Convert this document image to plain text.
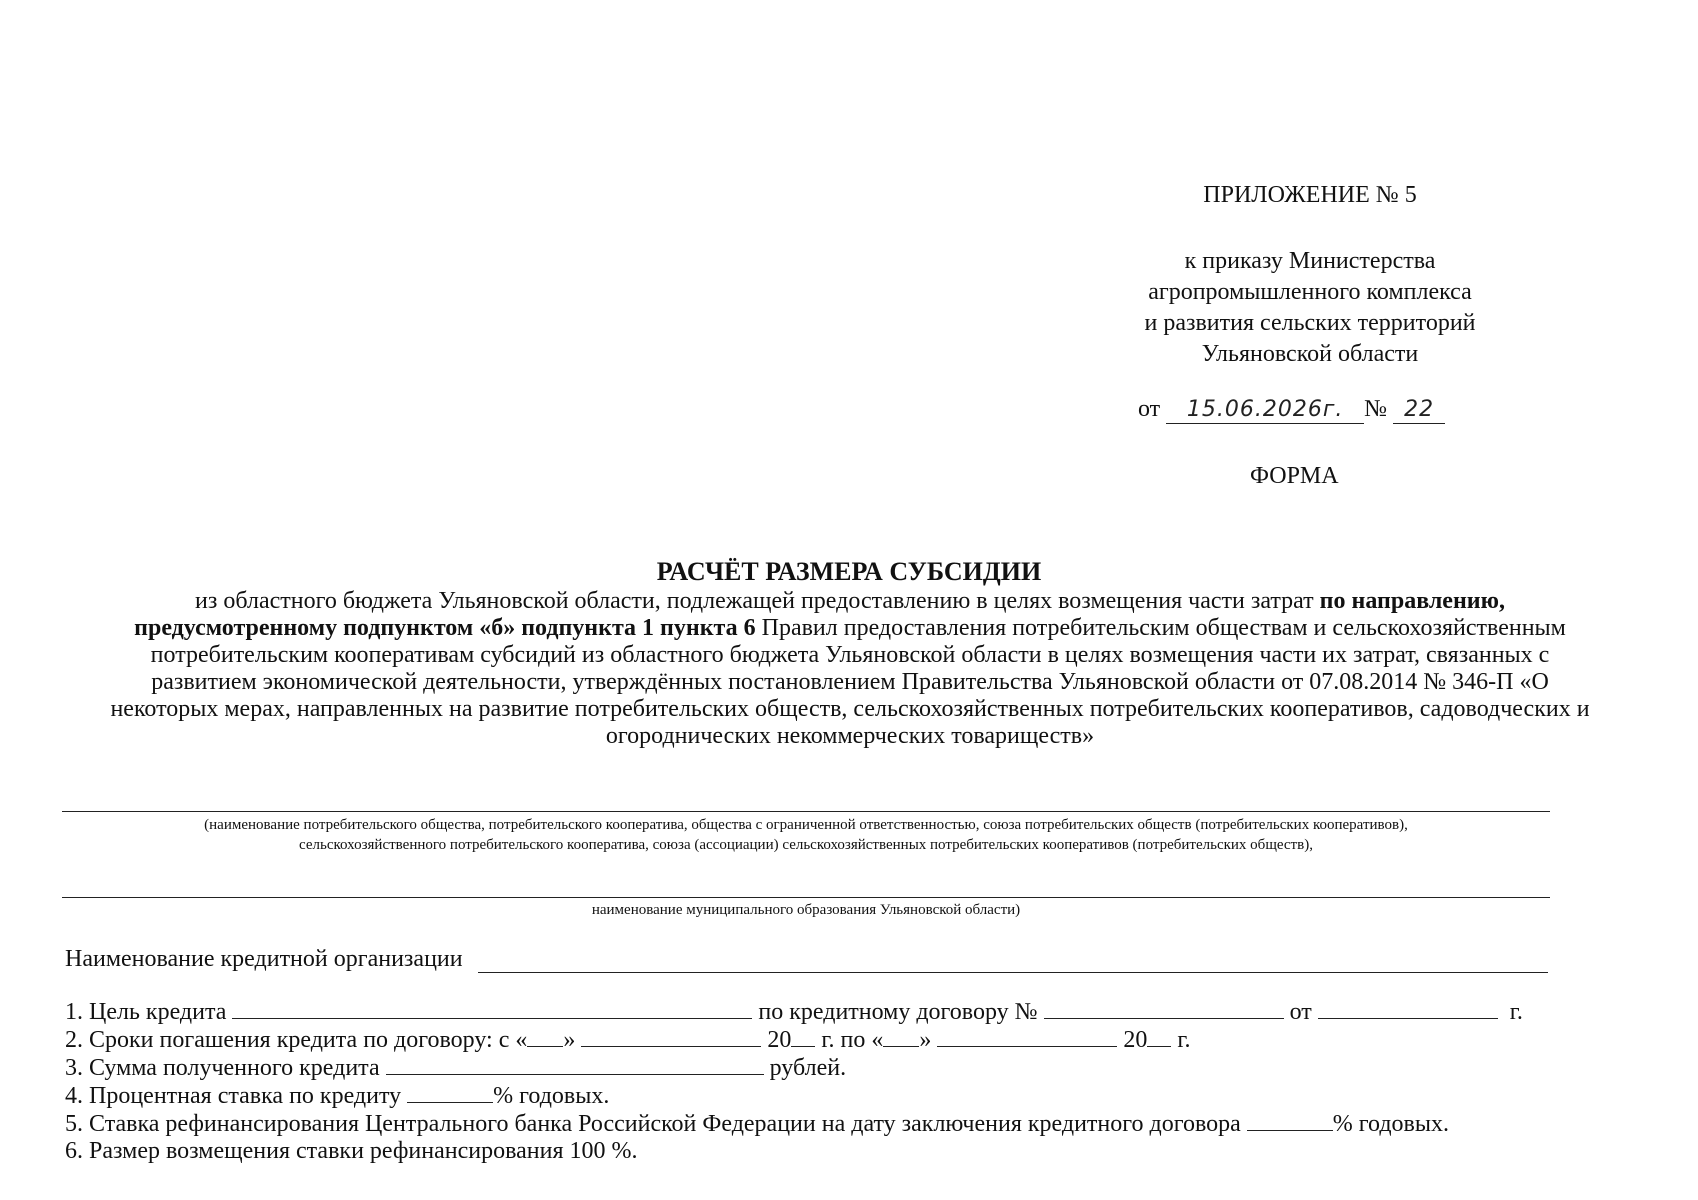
ПРИЛОЖЕНИЕ № 5
к приказу Министерства
агропромышленного комплекса
и развития сельских территорий
Ульяновской области
от 15.06.2026г. № 22
ФОРМА
РАСЧЁТ РАЗМЕРА СУБСИДИИ
из областного бюджета Ульяновской области, подлежащей предоставлению в целях возмещения части затрат по направлению, предусмотренному подпунктом «б» подпункта 1 пункта 6 Правил предоставления потребительским обществам и сельскохозяйственным потребительским кооперативам субсидий из областного бюджета Ульяновской области в целях возмещения части их затрат, связанных с развитием экономической деятельности, утверждённых постановлением Правительства Ульяновской области от 07.08.2014 № 346-П «О некоторых мерах, направленных на развитие потребительских обществ, сельскохозяйственных потребительских кооперативов, садоводческих и огороднических некоммерческих товариществ»
(наименование потребительского общества, потребительского кооператива, общества с ограниченной ответственностью, союза потребительских обществ (потребительских кооперативов),
сельскохозяйственного потребительского кооператива, союза (ассоциации) сельскохозяйственных потребительских кооперативов (потребительских обществ),
наименование муниципального образования Ульяновской области)
Наименование кредитной организации
1. Цель кредита	по кредитному договору №	от	г.
2. Сроки погашения кредита по договору: с « »	20 г. по « »	20 г.
3. Сумма полученного кредита	рублей.
4. Процентная ставка по кредиту	% годовых.
5. Ставка рефинансирования Центрального банка Российской Федерации на дату заключения кредитного договора	% годовых.
6. Размер возмещения ставки рефинансирования 100 %.
